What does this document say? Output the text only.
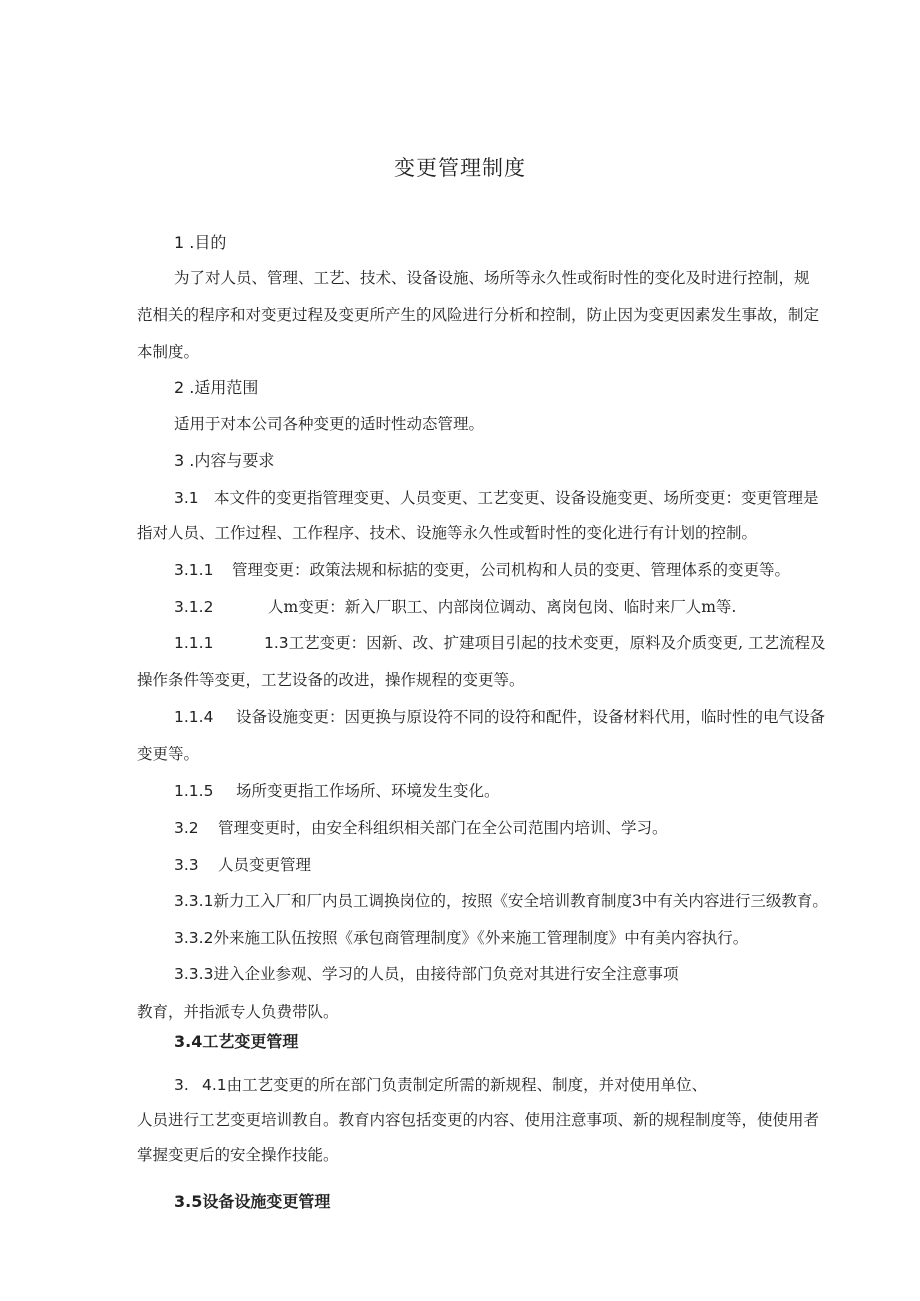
变更管理制度
1 .目的
为了对人员、管理、工艺、技术、设备设施、场所等永久性或衔时性的变化及时进行控制，规
范相关的程序和对变更过程及变更所产生的风险进行分析和控制，防止因为变更因素发生事故，制定
本制度。
2 .适用范围
适用于对本公司各种变更的适时性动态管理。
3 .内容与要求
3.1 本文件的变更指管理变更、人员变更、工艺变更、设备设施变更、场所变更：变更管理是
指对人员、工作过程、工作程序、技术、设施等永久性或暂时性的变化进行有计划的控制。
3.1.1 管理变更：政策法规和标掂的变更，公司机构和人员的变更、管理体系的变更等。
3.1.2	人m变更：新入厂职工、内部岗位调动、离岗包岗、临时来厂人m等.
1.1.1	1.3工艺变更：因新、改、扩建项目引起的技术变更，原料及介质变更, 工艺流程及
操作条件等变更，工艺设备的改进，操作规程的变更等。
1.1.4 设备设施变更：因更换与原设符不同的设符和配件，设备材料代用，临时性的电气设备
变更等。
1.1.5 场所变更指工作场所、环境发生变化。
3.2 管理变更时，由安全科组织相关部门在全公司范围内培训、学习。
3.3 人员变更管理
3.3.1新力工入厂和厂内员工调换岗位的，按照《安全培训教育制度3中有关内容进行三级教育。
3.3.2外来施工队伍按照《承包商管理制度》《外来施工管理制度》中有美内容执行。
3.3.3进入企业参观、学习的人员，由接待部门负竞对其进行安全注意事项
教育，并指派专人负费带队。
3.4工艺变更管理
3. 4.1由工艺变更的所在部门负责制定所需的新规程、制度，并对使用单位、
人员进行工艺变更培训教自。教育内容包括变更的内容、使用注意事项、新的规程制度等，使使用者
掌握变更后的安全操作技能。
3.5设备设施变更管理
